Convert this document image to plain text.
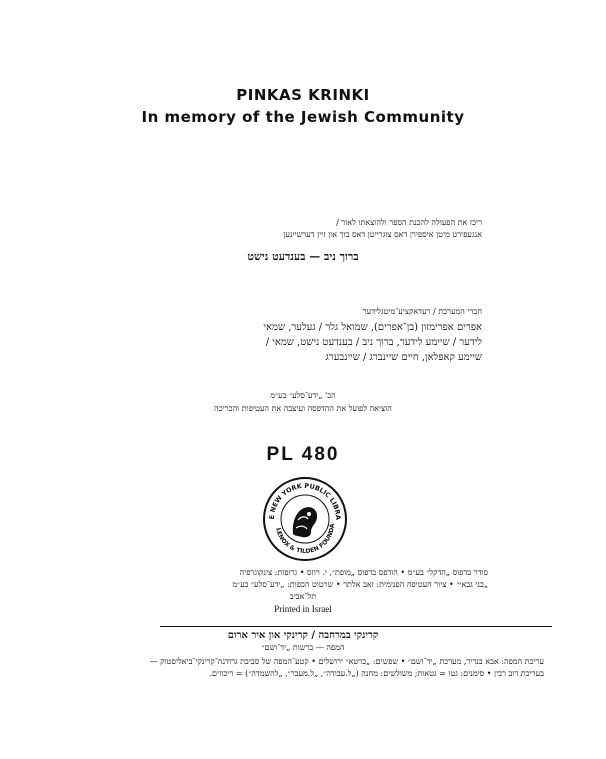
PINKAS KRINKI
In memory of the Jewish Community
ריכז את הפעולה להכנת הספר ולהוצאתו לאור /
אנגעפירט מיטן איספירן דאס צוגרייטן דאס בוך און זיין דערשיינען
ברוך ניב — בענדעט נישט
חברי המערכת / רעדאקציע־מיטגלידער
אפרים אפרימזון (בן־אפרים), שמואל גלר / געלער, שמאי
לידער / שיימע לידער, ברוך ניב / בענדעט נישט, שמאי /
שיימע קאפלאן, חיים שיינברג / שיינבערג
הב' „ידע־סלע״ בע״מ
הוציאה לפועל את ההדפסה ועיצבה את העטיפות והכריכה
PL 480
E NEW YORK PUBLIC LIBRA
LENOX & TILDEN FOUNDA
סודר בדפוס „הדקל״ בע״מ • הודפס בדפוס „מופת״, י. רוזס • גרופות: צינקוגרפיה
„בני גבאי״ • ציור העטיפה הפנימית: זאב אלתר • שרטוט הכפות: „ידע־סלע״ בע״מ
תל־אביב
Printed in Israel
קרינקי במרחבה / קרינקי און איר ארום
המפה — ברשות „יד־ושם״
עריכת המפה: אבא בנדיר, מערכת „יד־ושם״ • שפשים: „כרטא״ ירושלים • קטע־המפה של סביבת גרודנה־קרינקי־ביאליסטוק —
בעריכת דוב רבין • סימנים: גטו = גטאות; משולשים: מחנה („ל.עבודה״, „ל.מעבר״, „להשמדה״) = ריכוזים.
